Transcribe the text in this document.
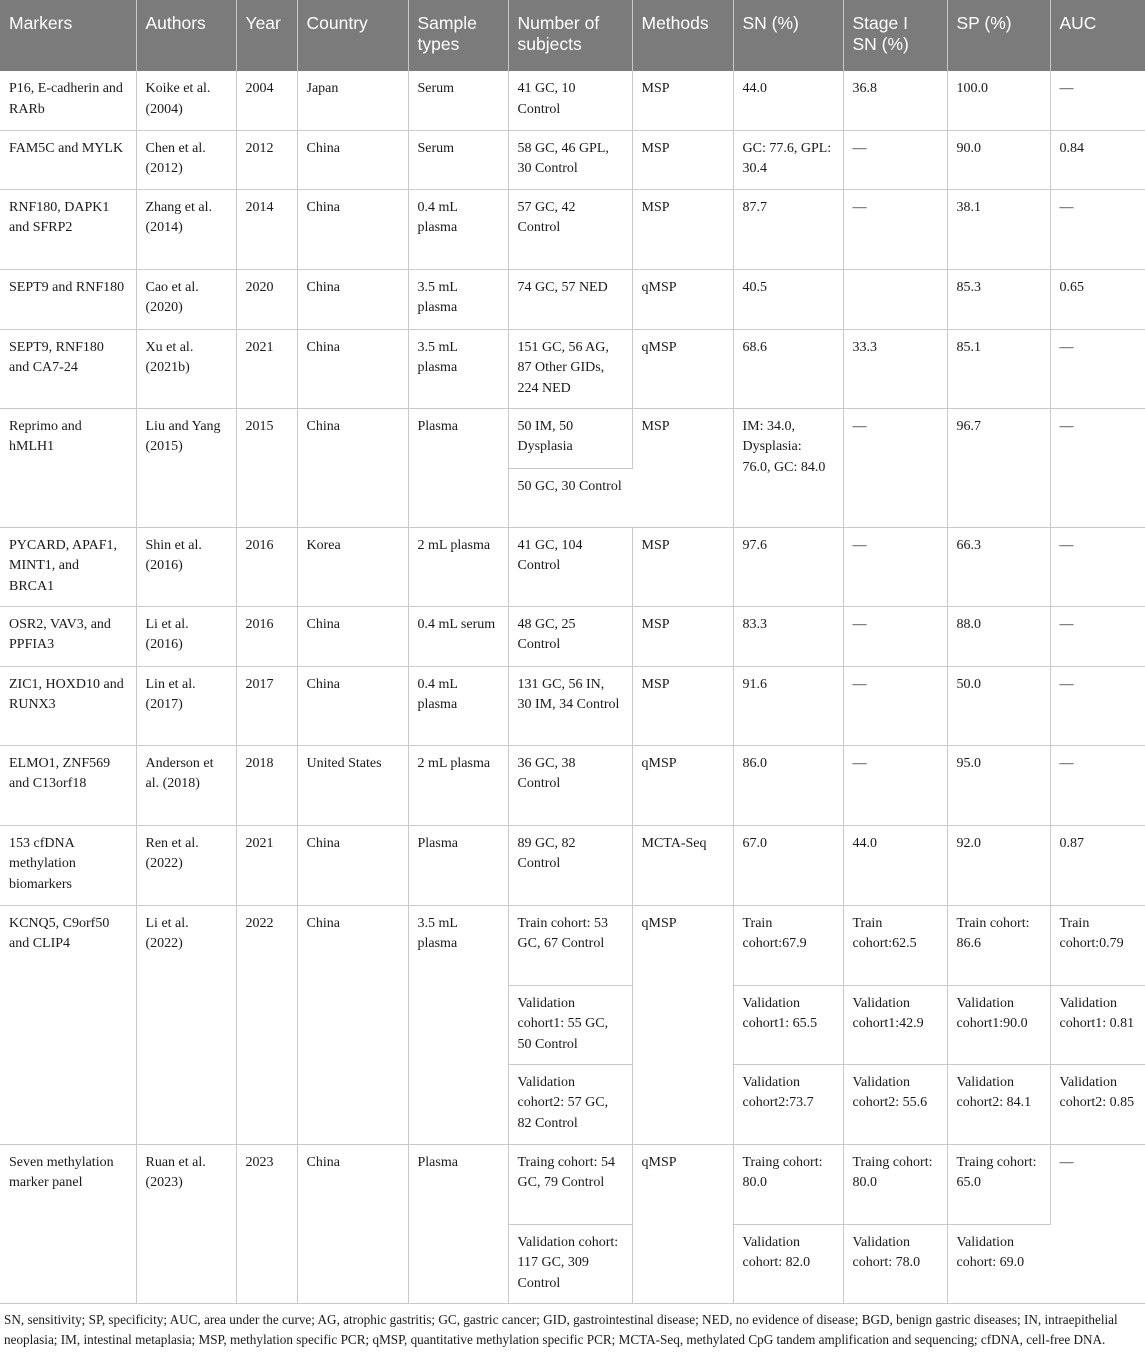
Markers	Authors	Year	Country	Sample types	Number of subjects	Methods	SN (%)	Stage I SN (%)	SP (%)	AUC
P16, E-cadherin and RARb	Koike et al. (2004)	2004	Japan	Serum	41 GC, 10 Control	MSP	44.0	36.8	100.0	—
FAM5C and MYLK	Chen et al. (2012)	2012	China	Serum	58 GC, 46 GPL, 30 Control	MSP	GC: 77.6, GPL: 30.4	—	90.0	0.84
RNF180, DAPK1 and SFRP2	Zhang et al. (2014)	2014	China	0.4 mL plasma	57 GC, 42 Control	MSP	87.7	—	38.1	—
SEPT9 and RNF180	Cao et al. (2020)	2020	China	3.5 mL plasma	74 GC, 57 NED	qMSP	40.5		85.3	0.65
SEPT9, RNF180 and CA7-24	Xu et al. (2021b)	2021	China	3.5 mL plasma	151 GC, 56 AG, 87 Other GIDs, 224 NED	qMSP	68.6	33.3	85.1	—
Reprimo and hMLH1	Liu and Yang (2015)	2015	China	Plasma	50 IM, 50 Dysplasia	MSP	IM: 34.0, Dysplasia: 76.0, GC: 84.0	—	96.7	—
					50 GC, 30 Control					
PYCARD, APAF1, MINT1, and BRCA1	Shin et al. (2016)	2016	Korea	2 mL plasma	41 GC, 104 Control	MSP	97.6	—	66.3	—
OSR2, VAV3, and PPFIA3	Li et al. (2016)	2016	China	0.4 mL serum	48 GC, 25 Control	MSP	83.3	—	88.0	—
ZIC1, HOXD10 and RUNX3	Lin et al. (2017)	2017	China	0.4 mL plasma	131 GC, 56 IN, 30 IM, 34 Control	MSP	91.6	—	50.0	—
ELMO1, ZNF569 and C13orf18	Anderson et al. (2018)	2018	United States	2 mL plasma	36 GC, 38 Control	qMSP	86.0	—	95.0	—
153 cfDNA methylation biomarkers	Ren et al. (2022)	2021	China	Plasma	89 GC, 82 Control	MCTA-Seq	67.0	44.0	92.0	0.87
KCNQ5, C9orf50 and CLIP4	Li et al. (2022)	2022	China	3.5 mL plasma	Train cohort: 53 GC, 67 Control	qMSP	Train cohort:67.9	Train cohort:62.5	Train cohort: 86.6	Train cohort:0.79
					Validation cohort1: 55 GC, 50 Control		Validation cohort1: 65.5	Validation cohort1:42.9	Validation cohort1:90.0	Validation cohort1: 0.81
					Validation cohort2: 57 GC, 82 Control		Validation cohort2:73.7	Validation cohort2: 55.6	Validation cohort2: 84.1	Validation cohort2: 0.85
Seven methylation marker panel	Ruan et al. (2023)	2023	China	Plasma	Traing cohort: 54 GC, 79 Control	qMSP	Traing cohort: 80.0	Traing cohort: 80.0	Traing cohort: 65.0	—
					Validation cohort: 117 GC, 309 Control		Validation cohort: 82.0	Validation cohort: 78.0	Validation cohort: 69.0	
SN, sensitivity; SP, specificity; AUC, area under the curve; AG, atrophic gastritis; GC, gastric cancer; GID, gastrointestinal disease; NED, no evidence of disease; BGD, benign gastric diseases; IN, intraepithelial neoplasia; IM, intestinal metaplasia; MSP, methylation specific PCR; qMSP, quantitative methylation specific PCR; MCTA-Seq, methylated CpG tandem amplification and sequencing; cfDNA, cell-free DNA.
